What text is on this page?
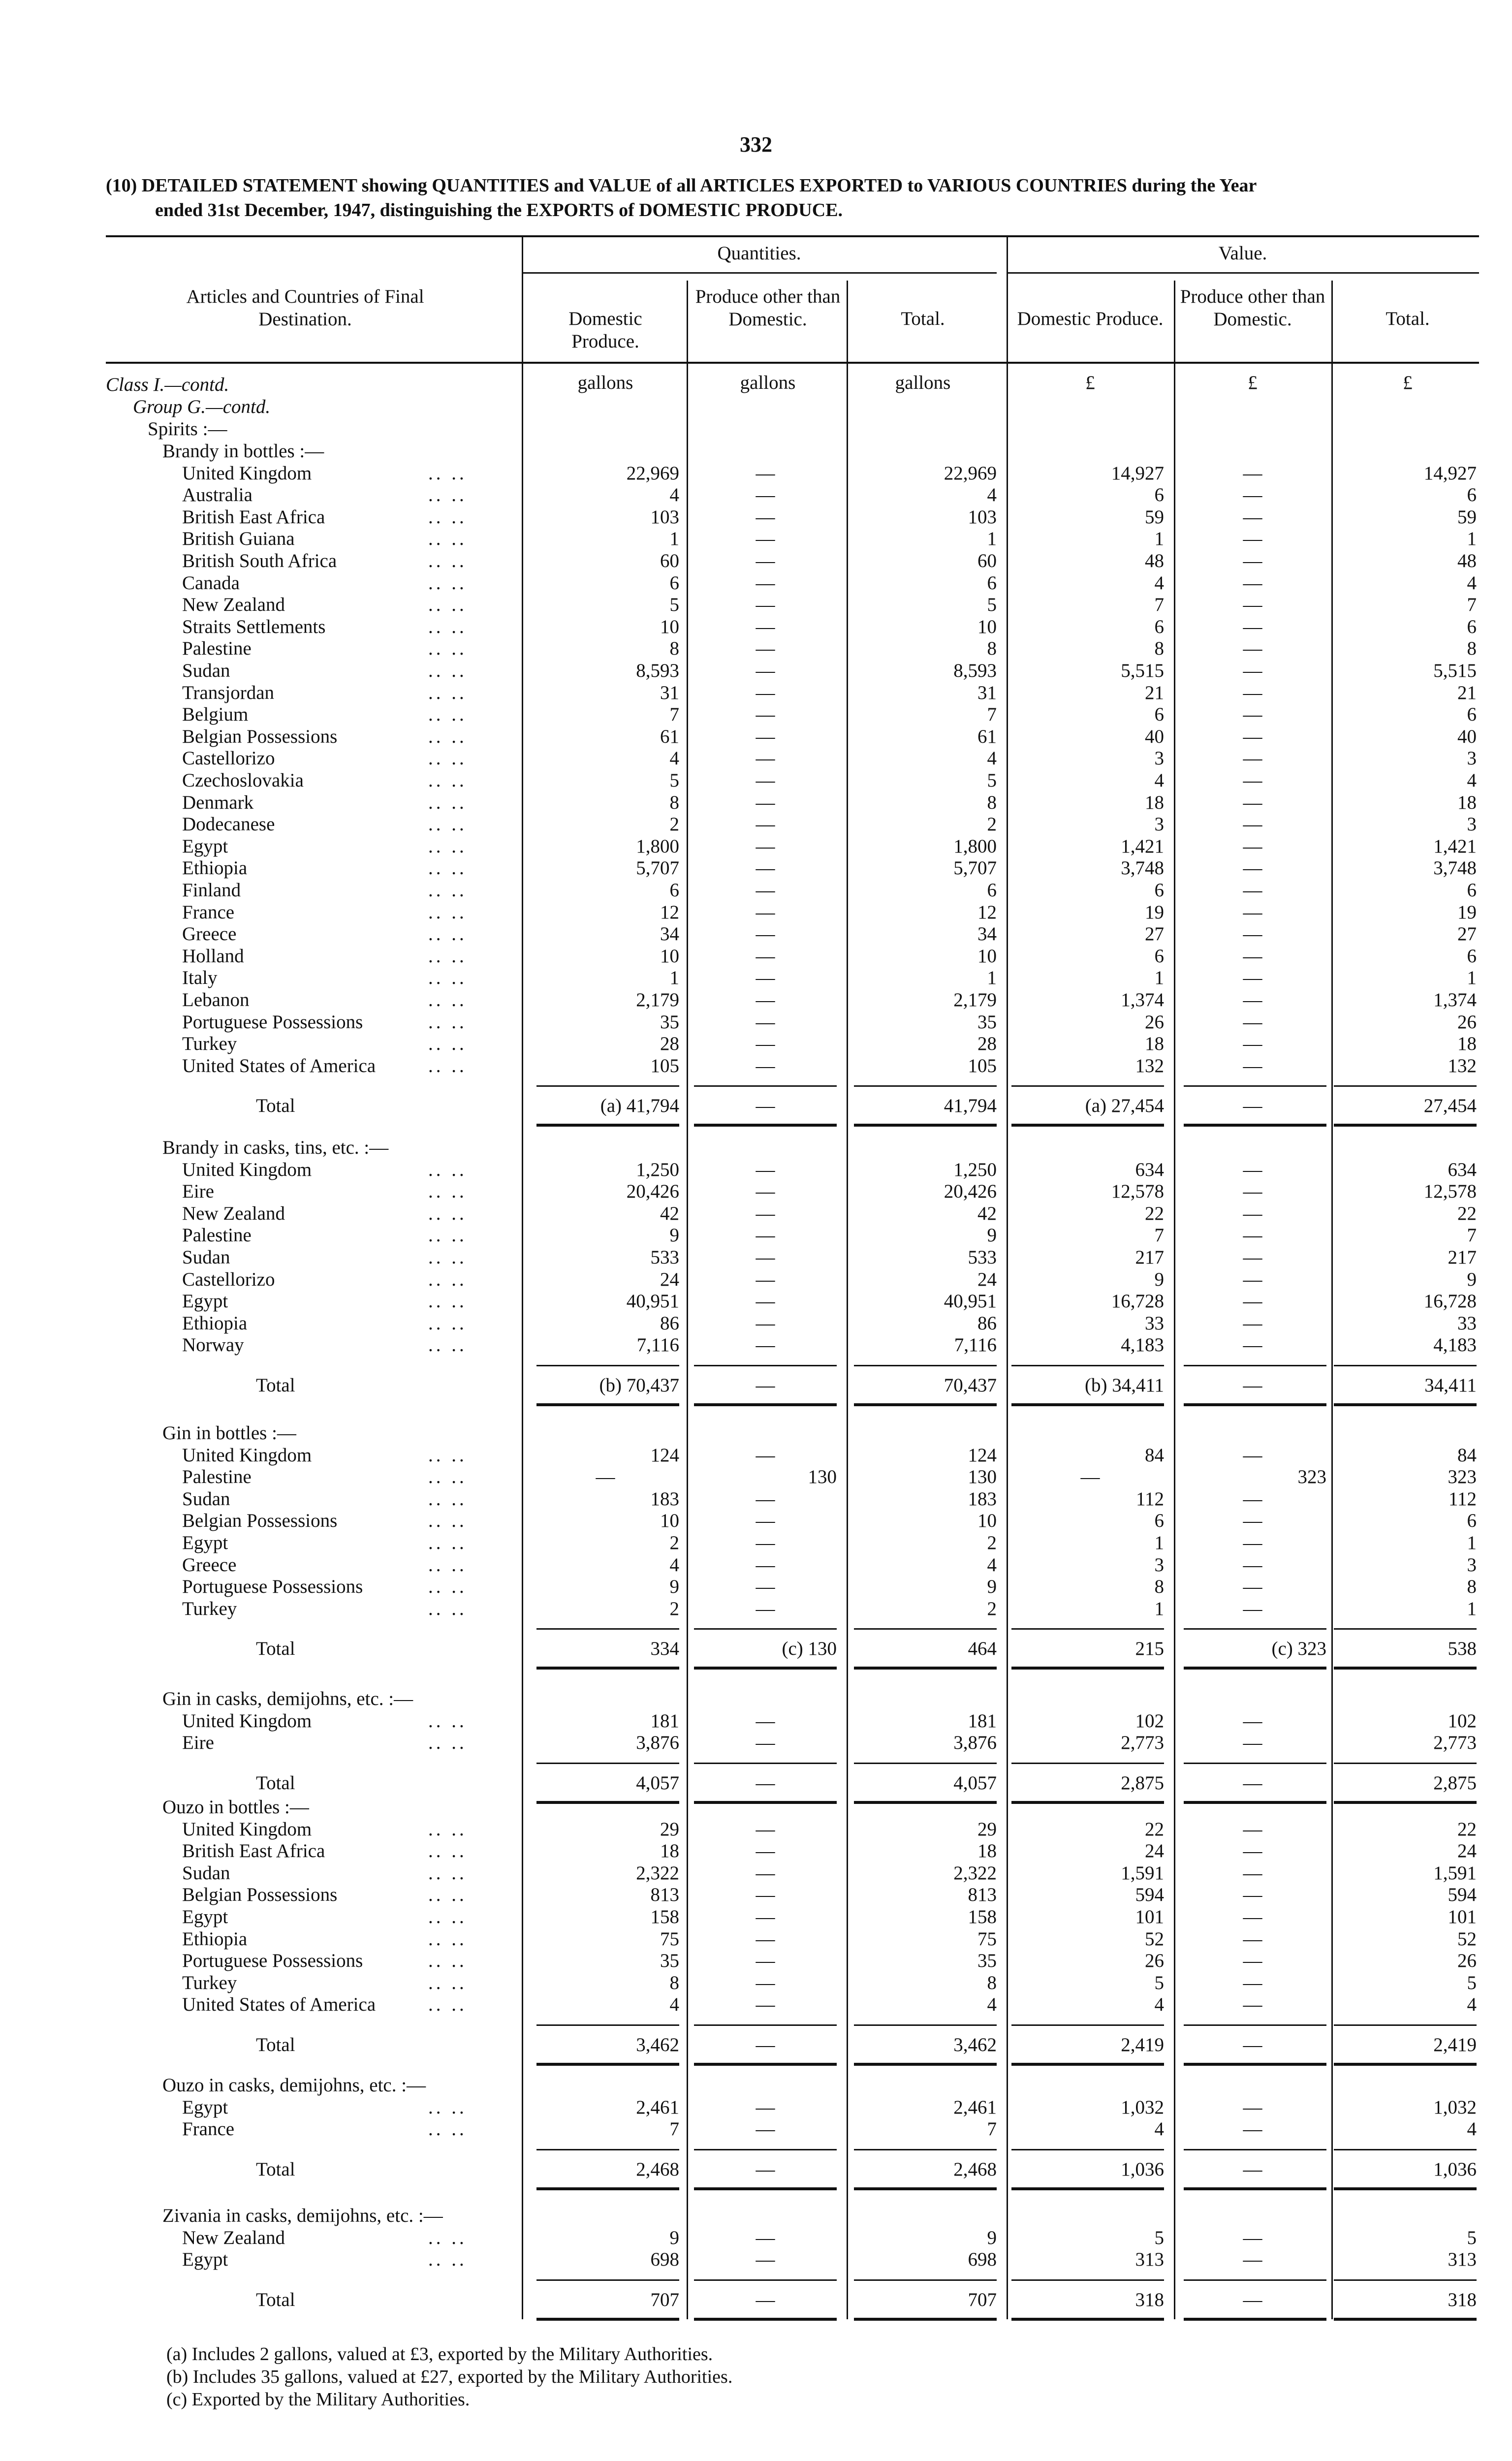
332
(10) DETAILED STATEMENT showing QUANTITIES and VALUE of all ARTICLES EXPORTED to VARIOUS COUNTRIES during the Year
ended 31st December, 1947, distinguishing the EXPORTS of DOMESTIC PRODUCE.
Articles and Countries of Final Destination.
Quantities.	Value.
Domestic Produce.
Produce other than Domestic.	Total.	Domestic Produce.
Produce other than Domestic.	Total.
gallons	gallons	gallons	£	£	£
Class I.—contd.
Group G.—contd.
Spirits :—
Brandy in bottles :—
United Kingdom	.. ..	22,969	—	22,969	14,927	—	14,927
Australia	.. ..	4	—	4	6	—	6
British East Africa	.. ..	103	—	103	59	—	59
British Guiana	.. ..	1	—	1	1	—	1
British South Africa	.. ..	60	—	60	48	—	48
Canada	.. ..	6	—	6	4	—	4
New Zealand	.. ..	5	—	5	7	—	7
Straits Settlements	.. ..	10	—	10	6	—	6
Palestine	.. ..	8	—	8	8	—	8
Sudan	.. ..	8,593	—	8,593	5,515	—	5,515
Transjordan	.. ..	31	—	31	21	—	21
Belgium	.. ..	7	—	7	6	—	6
Belgian Possessions	.. ..	61	—	61	40	—	40
Castellorizo	.. ..	4	—	4	3	—	3
Czechoslovakia	.. ..	5	—	5	4	—	4
Denmark	.. ..	8	—	8	18	—	18
Dodecanese	.. ..	2	—	2	3	—	3
Egypt	.. ..	1,800	—	1,800	1,421	—	1,421
Ethiopia	.. ..	5,707	—	5,707	3,748	—	3,748
Finland	.. ..	6	—	6	6	—	6
France	.. ..	12	—	12	19	—	19
Greece	.. ..	34	—	34	27	—	27
Holland	.. ..	10	—	10	6	—	6
Italy	.. ..	1	—	1	1	—	1
Lebanon	.. ..	2,179	—	2,179	1,374	—	1,374
Portuguese Possessions	.. ..	35	—	35	26	—	26
Turkey	.. ..	28	—	28	18	—	18
United States of America	.. ..	105	—	105	132	—	132
Total	(a) 41,794	—	41,794	(a) 27,454	—	27,454
Brandy in casks, tins, etc. :—
United Kingdom	.. ..	1,250	—	1,250	634	—	634
Eire	.. ..	20,426	—	20,426	12,578	—	12,578
New Zealand	.. ..	42	—	42	22	—	22
Palestine	.. ..	9	—	9	7	—	7
Sudan	.. ..	533	—	533	217	—	217
Castellorizo	.. ..	24	—	24	9	—	9
Egypt	.. ..	40,951	—	40,951	16,728	—	16,728
Ethiopia	.. ..	86	—	86	33	—	33
Norway	.. ..	7,116	—	7,116	4,183	—	4,183
Total	(b) 70,437	—	70,437	(b) 34,411	—	34,411
Gin in bottles :—
United Kingdom	.. ..	124	—	124	84	—	84
Palestine	.. ..	—	130	130	—	323	323
Sudan	.. ..	183	—	183	112	—	112
Belgian Possessions	.. ..	10	—	10	6	—	6
Egypt	.. ..	2	—	2	1	—	1
Greece	.. ..	4	—	4	3	—	3
Portuguese Possessions	.. ..	9	—	9	8	—	8
Turkey	.. ..	2	—	2	1	—	1
Total	334	(c) 130	464	215	(c) 323	538
Gin in casks, demijohns, etc. :—
United Kingdom	.. ..	181	—	181	102	—	102
Eire	.. ..	3,876	—	3,876	2,773	—	2,773
Total	4,057	—	4,057	2,875	—	2,875
Ouzo in bottles :—
United Kingdom	.. ..	29	—	29	22	—	22
British East Africa	.. ..	18	—	18	24	—	24
Sudan	.. ..	2,322	—	2,322	1,591	—	1,591
Belgian Possessions	.. ..	813	—	813	594	—	594
Egypt	.. ..	158	—	158	101	—	101
Ethiopia	.. ..	75	—	75	52	—	52
Portuguese Possessions	.. ..	35	—	35	26	—	26
Turkey	.. ..	8	—	8	5	—	5
United States of America	.. ..	4	—	4	4	—	4
Total	3,462	—	3,462	2,419	—	2,419
Ouzo in casks, demijohns, etc. :—
Egypt	.. ..	2,461	—	2,461	1,032	—	1,032
France	.. ..	7	—	7	4	—	4
Total	2,468	—	2,468	1,036	—	1,036
Zivania in casks, demijohns, etc. :—
New Zealand	.. ..	9	—	9	5	—	5
Egypt	.. ..	698	—	698	313	—	313
Total	707	—	707	318	—	318
(a) Includes 2 gallons, valued at £3, exported by the Military Authorities.
(b) Includes 35 gallons, valued at £27, exported by the Military Authorities.
(c) Exported by the Military Authorities.
